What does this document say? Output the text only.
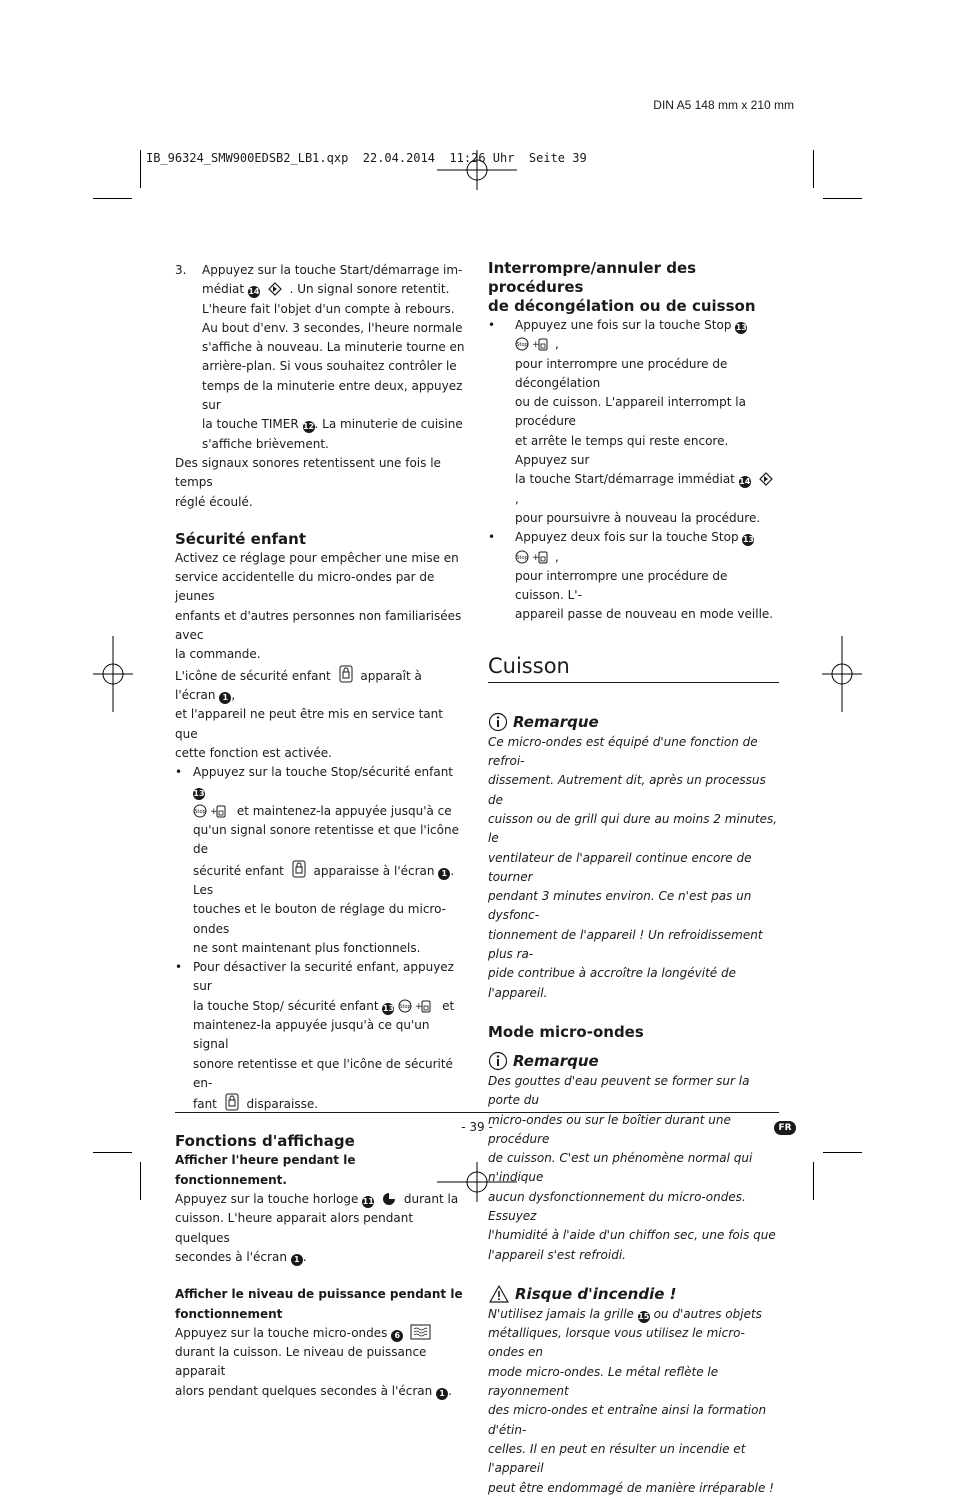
DIN A5 148 mm x 210 mm
IB_96324_SMW900EDSB2_LB1.qxp  22.04.2014  11:26 Uhr  Seite 39
3.	Appuyez sur la touche Start/démarrage im-

médiat 14	. Un signal sonore retentit.

L'heure fait l'objet d'un compte à rebours.

Au bout d'env. 3 secondes, l'heure normale

s'affiche à nouveau. La minuterie tourne en

arrière-plan. Si vous souhaitez contrôler le

temps de la minuterie entre deux, appuyez sur

la touche TIMER 12. La minuterie de cuisine

s'affiche brièvement.

Des signaux sonores retentissent une fois le temps

réglé écoulé.

Sécurité enfant

Activez ce réglage pour empêcher une mise en

service accidentelle du micro-ondes par de jeunes

enfants et d'autres personnes non familiarisées avec

la commande.

L'icône de sécurité enfant apparaît à l'écran 1 ,

et l'appareil ne peut être mis en service tant que

cette fonction est activée.

• Appuyez sur la touche Stop/sécurité enfant 13

Stop + et maintenez-la appuyée jusqu'à ce

qu'un signal sonore retentisse et que l'icône de

sécurité enfant apparaisse à l'écran 1 . Les

touches et le bouton de réglage du micro-ondes

ne sont maintenant plus fonctionnels.

• Pour désactiver la securité enfant, appuyez sur

la touche Stop/ sécurité enfant 13 Stop + et

maintenez-la appuyée jusqu'à ce qu'un signal

sonore retentisse et que l'icône de sécurité en-

fant disparaisse.

Fonctions d'affichage

Afficher l'heure pendant le fonctionnement.

Appuyez sur la touche horloge 11	durant la

cuisson. L'heure apparait alors pendant quelques

secondes à l'écran 1 .

Afficher le niveau de puissance pendant le

fonctionnement

Appuyez sur la touche micro-ondes 6

durant la cuisson. Le niveau de puissance apparait

alors pendant quelques secondes à l'écran 1 .

Interrompre/annuler des procédures
de décongélation ou de cuisson
•	Appuyez une fois sur la touche Stop 13
Stop + ,

pour interrompre une procédure de décongélation

ou de cuisson. L'appareil interrompt la procédure

et arrête le temps qui reste encore. Appuyez sur

la touche Start/démarrage immédiat 14 ,

pour poursuivre à nouveau la procédure.

•	Appuyez deux fois sur la touche Stop 13
Stop + ,

pour interrompre une procédure de cuisson. L'-

appareil passe de nouveau en mode veille.

Cuisson
Remarque

Ce micro-ondes est équipé d'une fonction de refroi-

dissement. Autrement dit, après un processus de

cuisson ou de grill qui dure au moins 2 minutes, le

ventilateur de l'appareil continue encore de tourner

pendant 3 minutes environ. Ce n'est pas un dysfonc-

tionnement de l'appareil ! Un refroidissement plus ra-

pide contribue à accroître la longévité de l'appareil.

Mode micro-ondes
Remarque

Des gouttes d'eau peuvent se former sur la porte du

micro-ondes ou sur le boîtier durant une procédure

de cuisson. C'est un phénomène normal qui n'indique

aucun dysfonctionnement du micro-ondes. Essuyez

l'humidité à l'aide d'un chiffon sec, une fois que

l'appareil s'est refroidi.

Risque d'incendie !

N'utilisez jamais la grille 15 ou d'autres objets

métalliques, lorsque vous utilisez le micro-ondes en

mode micro-ondes. Le métal reflète le rayonnement

des micro-ondes et entraîne ainsi la formation d'étin-

celles. Il en peut en résulter un incendie et l'appareil

peut être endommagé de manière irréparable !

- 39 -	FR
